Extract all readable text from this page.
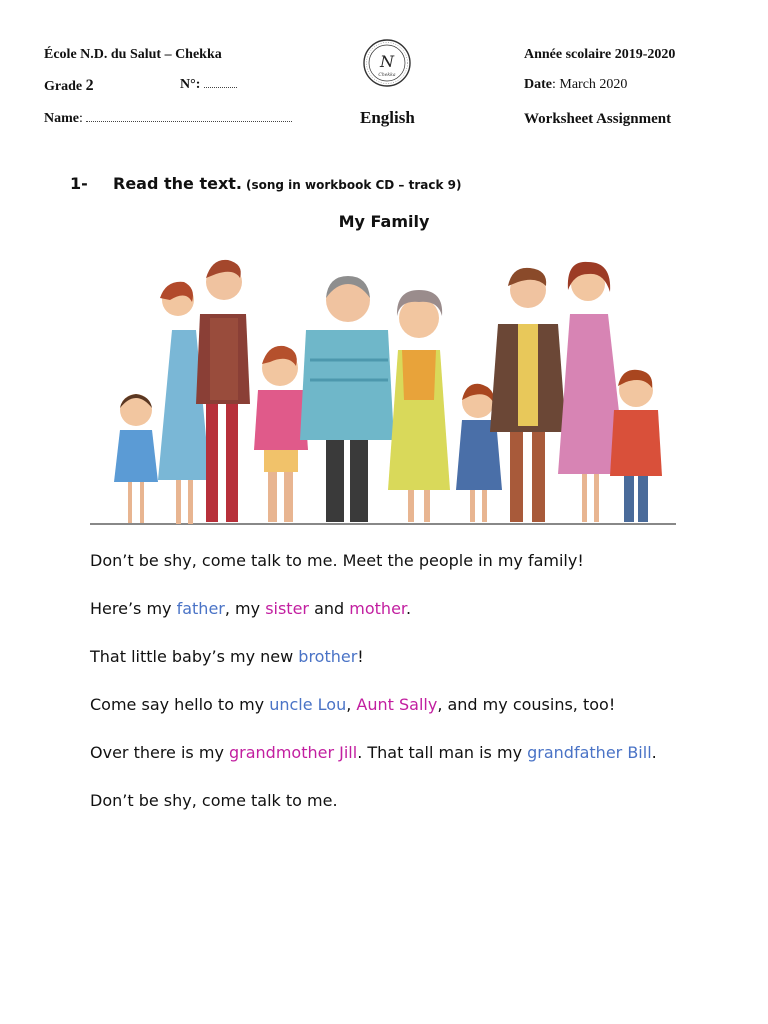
École N.D. du Salut – Chekka	Année scolaire 2019-2020
Grade 2	N°:	Date: March 2020
Name:	English	Worksheet Assignment
N
Chekka
1- Read the text. (song in workbook CD – track 9)
My Family
Don’t be shy, come talk to me. Meet the people in my family!
Here’s my father, my sister and mother.
That little baby’s my new brother!
Come say hello to my uncle Lou, Aunt Sally, and my cousins, too!
Over there is my grandmother Jill. That tall man is my grandfather Bill.
Don’t be shy, come talk to me.
